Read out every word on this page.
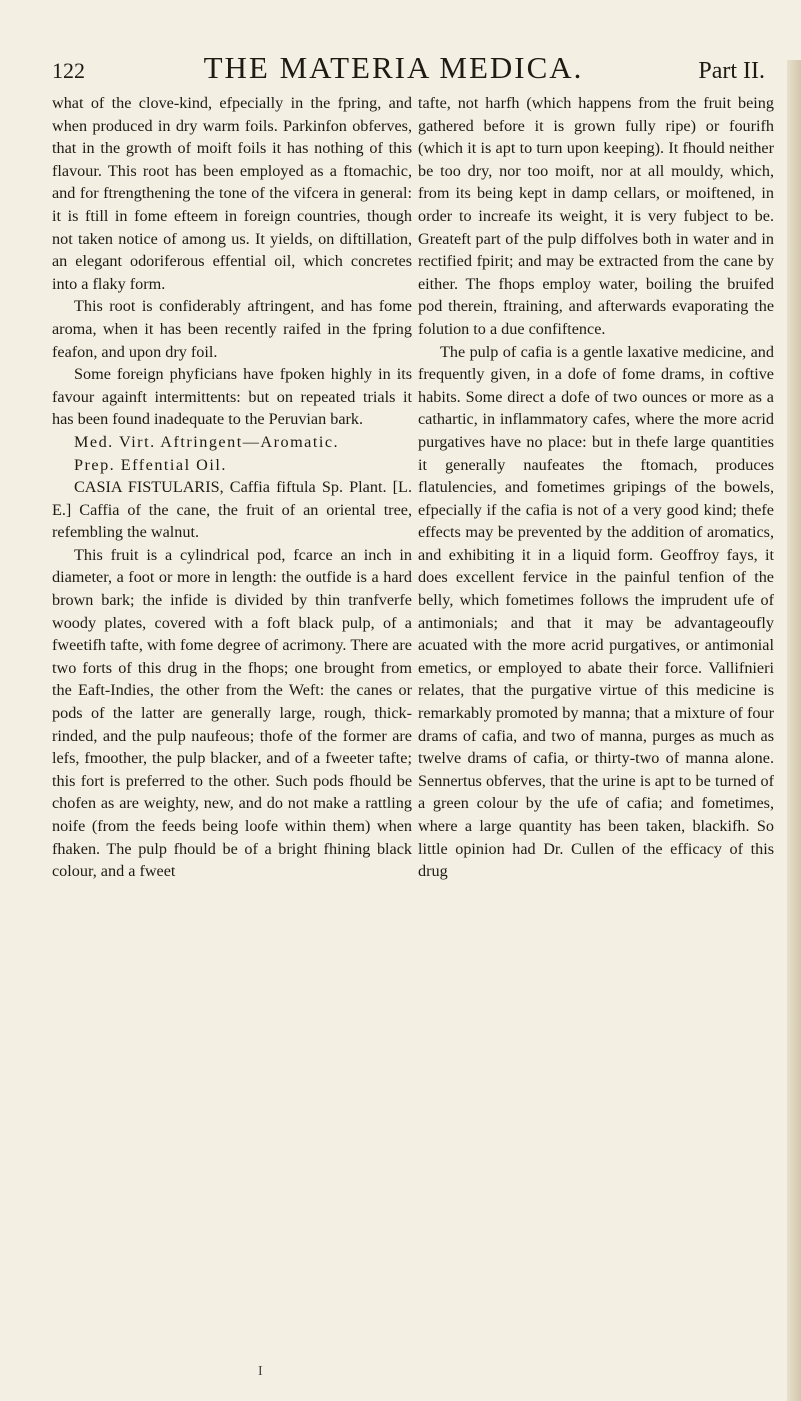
122	THE MATERIA MEDICA.	Part II.

what of the clove-kind, efpecially in the fpring, and when produced in dry warm foils. Parkinfon obferves, that in the growth of moift foils it has nothing of this flavour. This root has been employed as a ftomachic, and for ftrengthening the tone of the vifcera in general: it is ftill in fome efteem in foreign countries, though not taken notice of among us. It yields, on diftillation, an elegant odoriferous effential oil, which concretes into a flaky form.

This root is confiderably aftringent, and has fome aroma, when it has been recently raifed in the fpring feafon, and upon dry foil.

Some foreign phyficians have fpoken highly in its favour againft intermittents: but on repeated trials it has been found inadequate to the Peruvian bark.

Med. Virt. Aftringent—Aromatic.

Prep. Effential Oil.

CASIA FISTULARIS, Caffia fiftula Sp. Plant. [L. E.] Caffia of the cane, the fruit of an oriental tree, refembling the walnut.

This fruit is a cylindrical pod, fcarce an inch in diameter, a foot or more in length: the outfide is a hard brown bark; the infide is divided by thin tranfverfe woody plates, covered with a foft black pulp, of a fweetifh tafte, with fome degree of acrimony. There are two forts of this drug in the fhops; one brought from the Eaft-Indies, the other from the Weft: the canes or pods of the latter are generally large, rough, thick-rinded, and the pulp naufeous; thofe of the former are lefs, fmoother, the pulp blacker, and of a fweeter tafte; this fort is preferred to the other. Such pods fhould be chofen as are weighty, new, and do not make a rattling noife (from the feeds being loofe within them) when fhaken. The pulp fhould be of a bright fhining black colour, and a fweet

tafte, not harfh (which happens from the fruit being gathered before it is grown fully ripe) or fourifh (which it is apt to turn upon keeping). It fhould neither be too dry, nor too moift, nor at all mouldy, which, from its being kept in damp cellars, or moiftened, in order to increafe its weight, it is very fubject to be. Greateft part of the pulp diffolves both in water and in rectified fpirit; and may be extracted from the cane by either. The fhops employ water, boiling the bruifed pod therein, ftraining, and afterwards evaporating the folution to a due confiftence.

The pulp of cafia is a gentle laxative medicine, and frequently given, in a dofe of fome drams, in coftive habits. Some direct a dofe of two ounces or more as a cathartic, in inflammatory cafes, where the more acrid purgatives have no place: but in thefe large quantities it generally naufeates the ftomach, produces flatulencies, and fometimes gripings of the bowels, efpecially if the cafia is not of a very good kind; thefe effects may be prevented by the addition of aromatics, and exhibiting it in a liquid form. Geoffroy fays, it does excellent fervice in the painful tenfion of the belly, which fometimes follows the imprudent ufe of antimonials; and that it may be advantageoufly acuated with the more acrid purgatives, or antimonial emetics, or employed to abate their force. Vallifnieri relates, that the purgative virtue of this medicine is remarkably promoted by manna; that a mixture of four drams of cafia, and two of manna, purges as much as twelve drams of cafia, or thirty-two of manna alone. Sennertus obferves, that the urine is apt to be turned of a green colour by the ufe of cafia; and fometimes, where a large quantity has been taken, blackifh. So little opinion had Dr. Cullen of the efficacy of this drug

I
